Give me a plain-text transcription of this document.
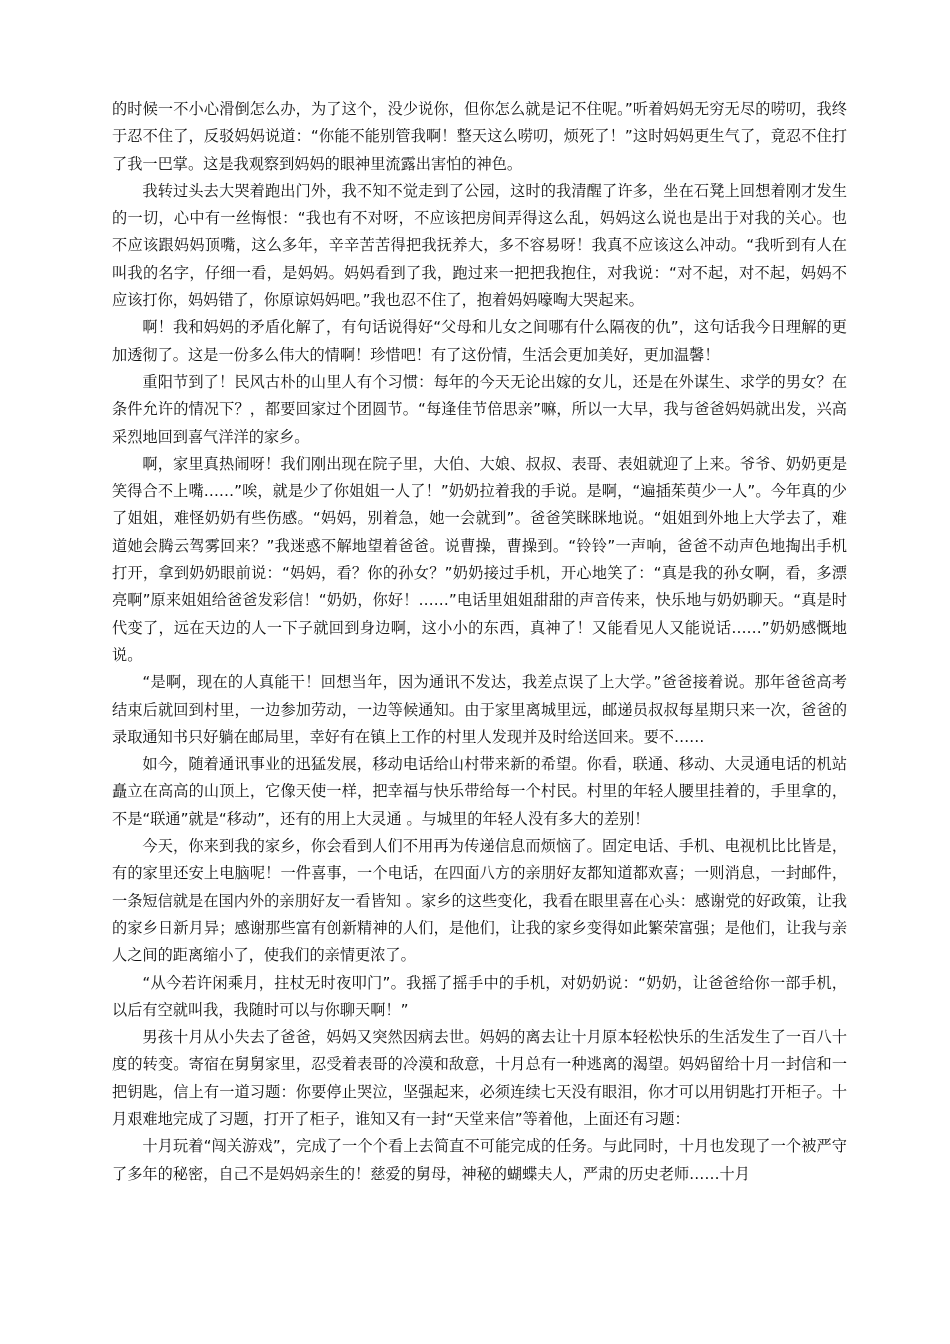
的时候一不小心滑倒怎么办，为了这个，没少说你，但你怎么就是记不住呢。”听着妈妈无穷无尽的唠叨，我终于忍不住了，反驳妈妈说道：“你能不能别管我啊！整天这么唠叨，烦死了！”这时妈妈更生气了，竟忍不住打了我一巴掌。这是我观察到妈妈的眼神里流露出害怕的神色。

我转过头去大哭着跑出门外，我不知不觉走到了公园，这时的我清醒了许多，坐在石凳上回想着刚才发生的一切，心中有一丝悔恨：“我也有不对呀，不应该把房间弄得这么乱，妈妈这么说也是出于对我的关心。也不应该跟妈妈顶嘴，这么多年，辛辛苦苦得把我抚养大，多不容易呀！我真不应该这么冲动。“我听到有人在叫我的名字，仔细一看，是妈妈。妈妈看到了我，跑过来一把把我抱住，对我说：“对不起，对不起，妈妈不应该打你，妈妈错了，你原谅妈妈吧。”我也忍不住了，抱着妈妈嚎啕大哭起来。

啊！我和妈妈的矛盾化解了，有句话说得好“父母和儿女之间哪有什么隔夜的仇”，这句话我今日理解的更加透彻了。这是一份多么伟大的情啊！珍惜吧！有了这份情，生活会更加美好，更加温馨！

重阳节到了！民风古朴的山里人有个习惯：每年的今天无论出嫁的女儿，还是在外谋生、求学的男女？在条件允许的情况下？，都要回家过个团圆节。“每逢佳节倍思亲”嘛，所以一大早，我与爸爸妈妈就出发，兴高采烈地回到喜气洋洋的家乡。

啊，家里真热闹呀！我们刚出现在院子里，大伯、大娘、叔叔、表哥、表姐就迎了上来。爷爷、奶奶更是笑得合不上嘴……”唉，就是少了你姐姐一人了！”奶奶拉着我的手说。是啊，“遍插茱萸少一人”。今年真的少了姐姐，难怪奶奶有些伤感。“妈妈，别着急，她一会就到”。爸爸笑眯眯地说。“姐姐到外地上大学去了，难道她会腾云驾雾回来？”我迷惑不解地望着爸爸。说曹操，曹操到。“铃铃”一声响，爸爸不动声色地掏出手机打开，拿到奶奶眼前说：“妈妈，看？你的孙女？”奶奶接过手机，开心地笑了：“真是我的孙女啊，看，多漂亮啊”原来姐姐给爸爸发彩信！“奶奶，你好！……”电话里姐姐甜甜的声音传来，快乐地与奶奶聊天。“真是时代变了，远在天边的人一下子就回到身边啊，这小小的东西，真神了！又能看见人又能说话……”奶奶感慨地说。

“是啊，现在的人真能干！回想当年，因为通讯不发达，我差点误了上大学。”爸爸接着说。那年爸爸高考结束后就回到村里，一边参加劳动，一边等候通知。由于家里离城里远，邮递员叔叔每星期只来一次，爸爸的录取通知书只好躺在邮局里，幸好有在镇上工作的村里人发现并及时给送回来。要不……

如今，随着通讯事业的迅猛发展，移动电话给山村带来新的希望。你看，联通、移动、大灵通电话的机站矗立在高高的山顶上，它像天使一样，把幸福与快乐带给每一个村民。村里的年轻人腰里挂着的，手里拿的，不是“联通”就是“移动”，还有的用上大灵通 。与城里的年轻人没有多大的差别！

今天，你来到我的家乡，你会看到人们不用再为传递信息而烦恼了。固定电话、手机、电视机比比皆是，有的家里还安上电脑呢！一件喜事，一个电话，在四面八方的亲朋好友都知道都欢喜；一则消息，一封邮件，一条短信就是在国内外的亲朋好友一看皆知 。家乡的这些变化，我看在眼里喜在心头：感谢党的好政策，让我的家乡日新月异；感谢那些富有创新精神的人们，是他们，让我的家乡变得如此繁荣富强；是他们，让我与亲人之间的距离缩小了，使我们的亲情更浓了。

“从今若许闲乘月，拄杖无时夜叩门”。我摇了摇手中的手机，对奶奶说：“奶奶，让爸爸给你一部手机，以后有空就叫我，我随时可以与你聊天啊！”

男孩十月从小失去了爸爸，妈妈又突然因病去世。妈妈的离去让十月原本轻松快乐的生活发生了一百八十度的转变。寄宿在舅舅家里，忍受着表哥的冷漠和敌意，十月总有一种逃离的渴望。妈妈留给十月一封信和一把钥匙，信上有一道习题：你要停止哭泣，坚强起来，必须连续七天没有眼泪，你才可以用钥匙打开柜子。十月艰难地完成了习题，打开了柜子，谁知又有一封“天堂来信”等着他，上面还有习题：

十月玩着“闯关游戏”，完成了一个个看上去简直不可能完成的任务。与此同时，十月也发现了一个被严守了多年的秘密，自己不是妈妈亲生的！慈爱的舅母，神秘的蝴蝶夫人，严肃的历史老师……十月
